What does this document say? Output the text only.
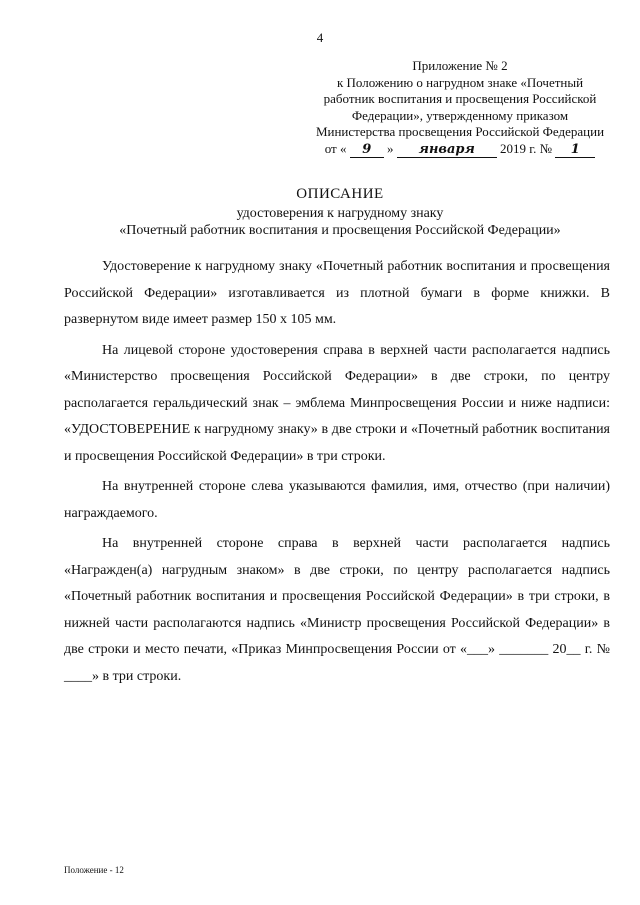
4
Приложение № 2
к Положению о нагрудном знаке «Почетный
работник воспитания и просвещения Российской
Федерации», утвержденному приказом
Министерства просвещения Российской Федерации
от « 9 » января 2019 г. № 1
ОПИСАНИЕ
удостоверения к нагрудному знаку
«Почетный работник воспитания и просвещения Российской Федерации»

Удостоверение к нагрудному знаку «Почетный работник воспитания и просвещения Российской Федерации» изготавливается из плотной бумаги в форме книжки. В развернутом виде имеет размер 150 х 105 мм.

На лицевой стороне удостоверения справа в верхней части располагается надпись «Министерство просвещения Российской Федерации» в две строки, по центру располагается геральдический знак – эмблема Минпросвещения России и ниже надписи: «УДОСТОВЕРЕНИЕ к нагрудному знаку» в две строки и «Почетный работник воспитания и просвещения Российской Федерации» в три строки.

На внутренней стороне слева указываются фамилия, имя, отчество (при наличии) награждаемого.

На внутренней стороне справа в верхней части располагается надпись «Награжден(а) нагрудным знаком» в две строки, по центру располагается надпись «Почетный работник воспитания и просвещения Российской Федерации» в три строки, в нижней части располагаются надпись «Министр просвещения Российской Федерации» в две строки и место печати, «Приказ Минпросвещения России от «___» _______ 20__ г. № ____» в три строки.

Положение - 12
